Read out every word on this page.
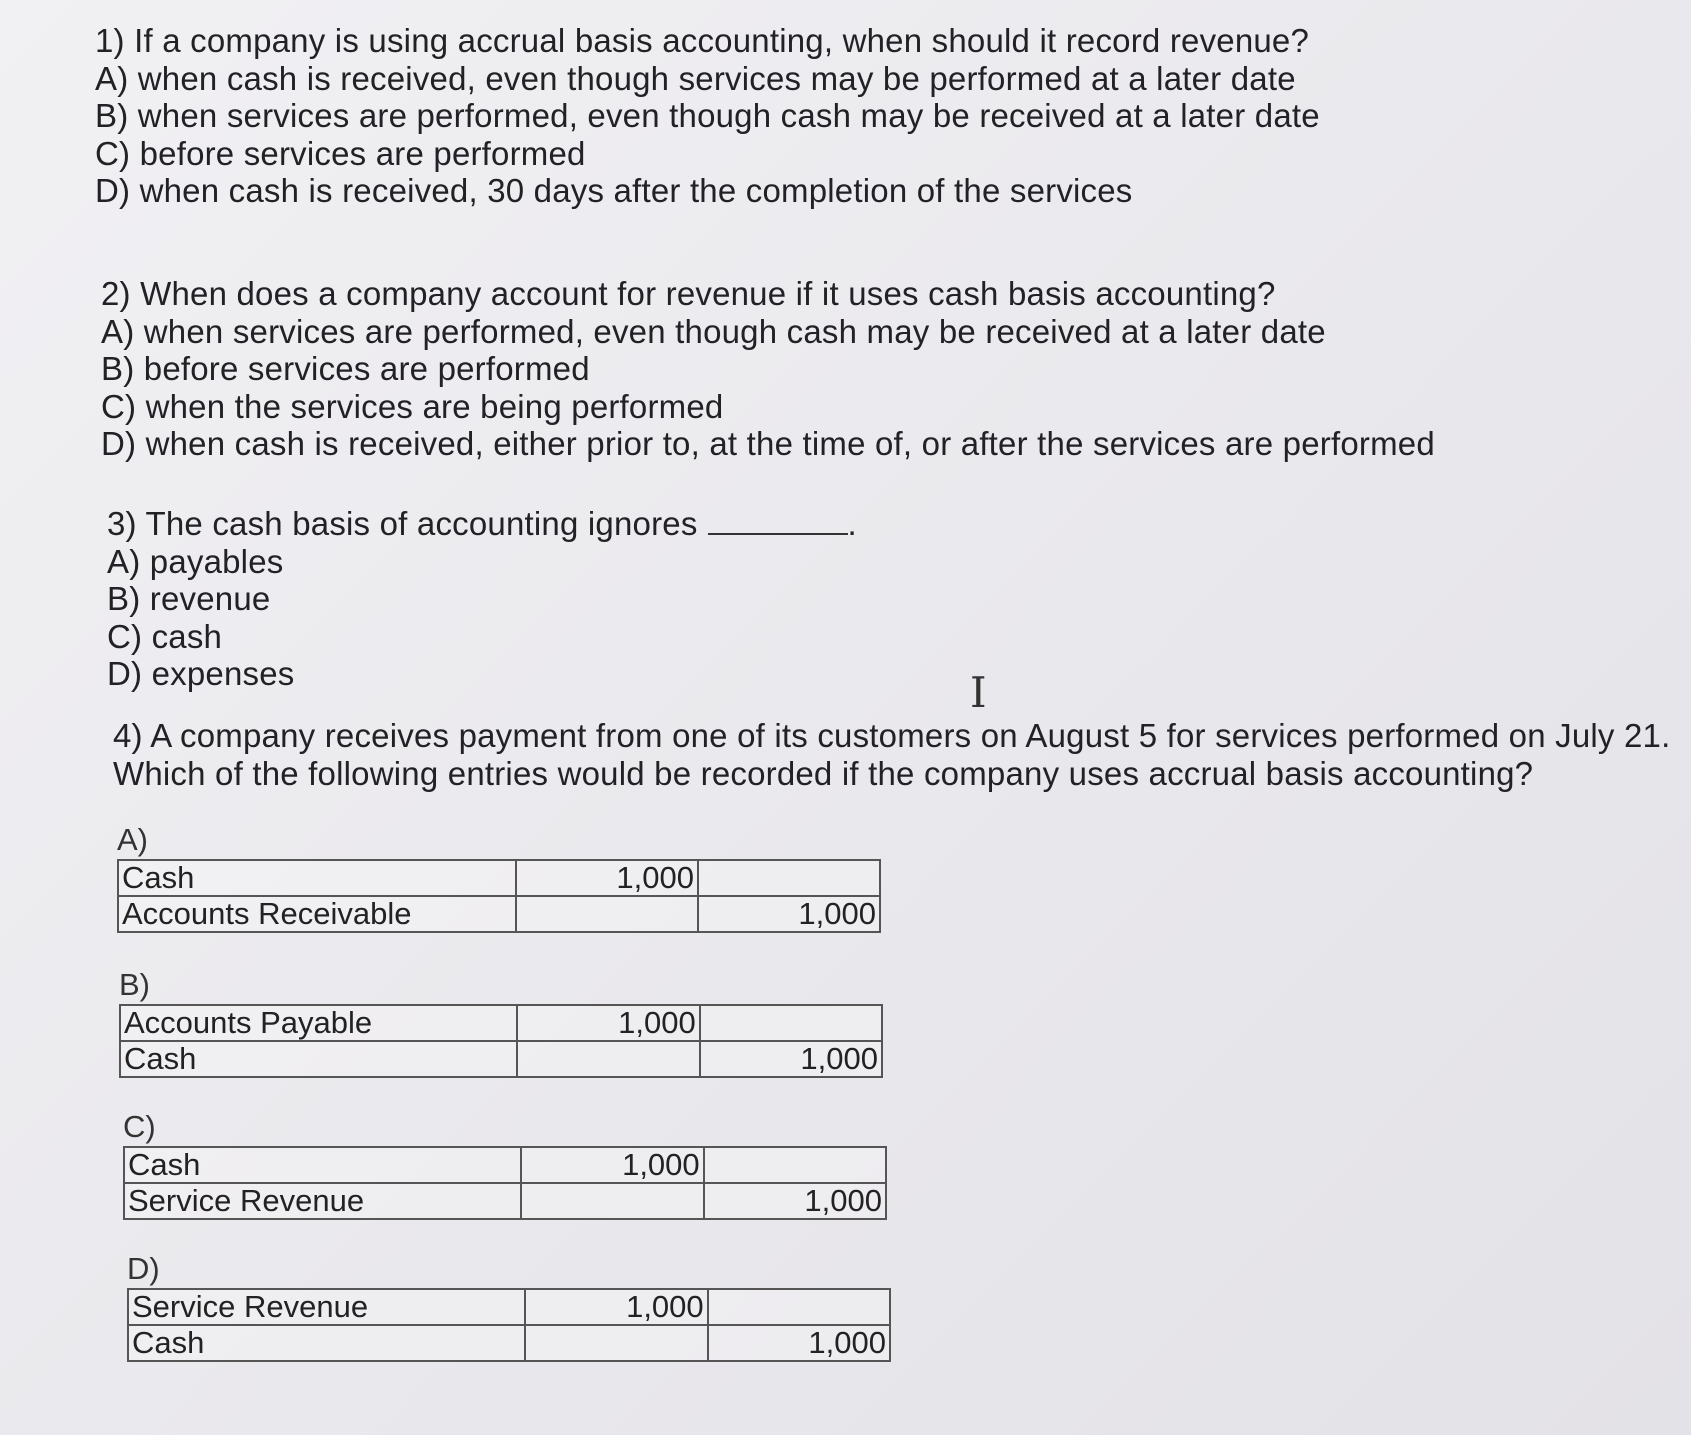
1) If a company is using accrual basis accounting, when should it record revenue?

A) when cash is received, even though services may be performed at a later date

B) when services are performed, even though cash may be received at a later date

C) before services are performed

D) when cash is received, 30 days after the completion of the services

2) When does a company account for revenue if it uses cash basis accounting?

A) when services are performed, even though cash may be received at a later date

B) before services are performed

C) when the services are being performed

D) when cash is received, either prior to, at the time of, or after the services are performed

3) The cash basis of accounting ignores	.

A) payables

B) revenue

C) cash

D) expenses	I

4) A company receives payment from one of its customers on August 5 for services performed on July 21.

Which of the following entries would be recorded if the company uses accrual basis accounting?

A)
Cash	1,000	
Accounts Receivable		1,000
B)
Accounts Payable	1,000	
Cash		1,000
C)
Cash	1,000	
Service Revenue		1,000
D)
Service Revenue	1,000	
Cash		1,000
